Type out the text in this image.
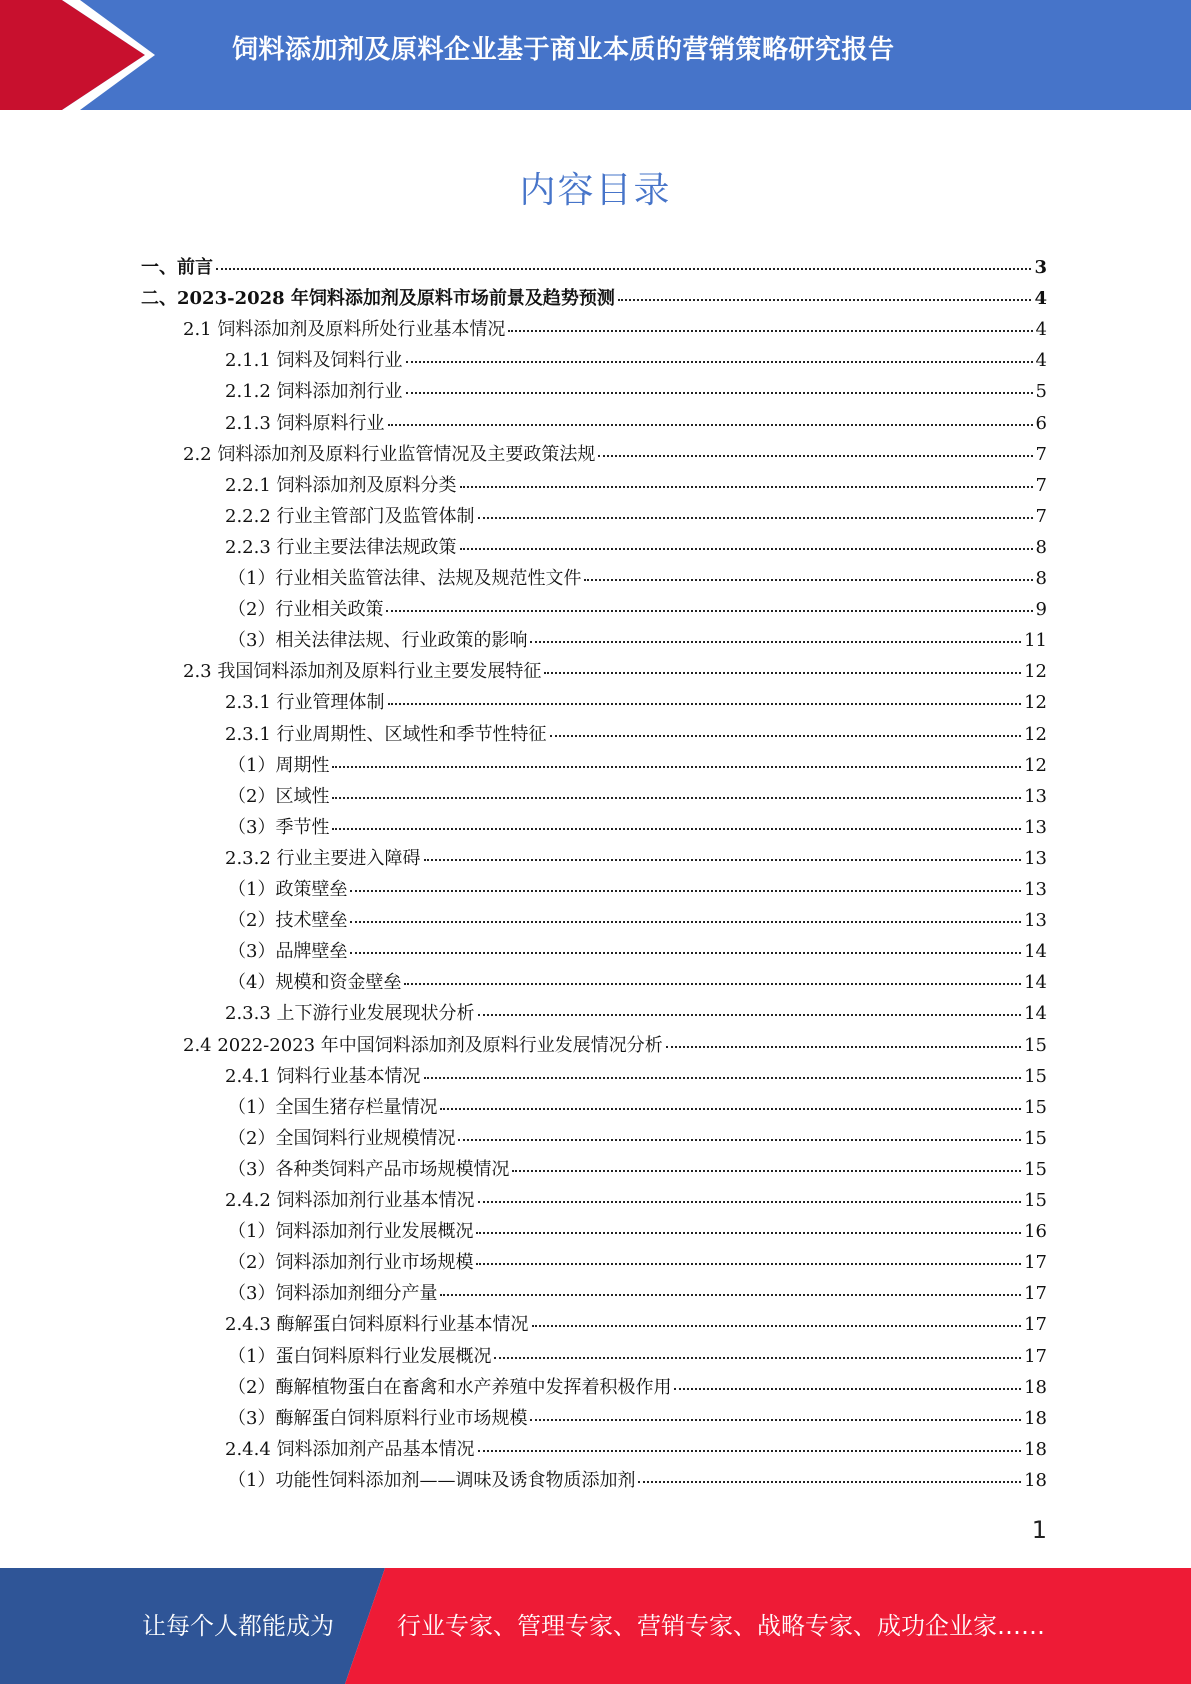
饲料添加剂及原料企业基于商业本质的营销策略研究报告
内容目录
一、前言	3
二、2023-2028 年饲料添加剂及原料市场前景及趋势预测	4
2.1 饲料添加剂及原料所处行业基本情况	4
2.1.1 饲料及饲料行业	4
2.1.2 饲料添加剂行业	5
2.1.3 饲料原料行业	6
2.2 饲料添加剂及原料行业监管情况及主要政策法规	7
2.2.1 饲料添加剂及原料分类	7
2.2.2 行业主管部门及监管体制	7
2.2.3 行业主要法律法规政策	8
（1）行业相关监管法律、法规及规范性文件	8
（2）行业相关政策	9
（3）相关法律法规、行业政策的影响	11
2.3 我国饲料添加剂及原料行业主要发展特征	12
2.3.1 行业管理体制	12
2.3.1 行业周期性、区域性和季节性特征	12
（1）周期性	12
（2）区域性	13
（3）季节性	13
2.3.2 行业主要进入障碍	13
（1）政策壁垒	13
（2）技术壁垒	13
（3）品牌壁垒	14
（4）规模和资金壁垒	14
2.3.3 上下游行业发展现状分析	14
2.4 2022-2023 年中国饲料添加剂及原料行业发展情况分析	15
2.4.1 饲料行业基本情况	15
（1）全国生猪存栏量情况	15
（2）全国饲料行业规模情况	15
（3）各种类饲料产品市场规模情况	15
2.4.2 饲料添加剂行业基本情况	15
（1）饲料添加剂行业发展概况	16
（2）饲料添加剂行业市场规模	17
（3）饲料添加剂细分产量	17
2.4.3 酶解蛋白饲料原料行业基本情况	17
（1）蛋白饲料原料行业发展概况	17
（2）酶解植物蛋白在畜禽和水产养殖中发挥着积极作用	18
（3）酶解蛋白饲料原料行业市场规模	18
2.4.4 饲料添加剂产品基本情况	18
（1）功能性饲料添加剂——调味及诱食物质添加剂	18
1
让每个人都能成为	行业专家、管理专家、营销专家、战略专家、成功企业家……
